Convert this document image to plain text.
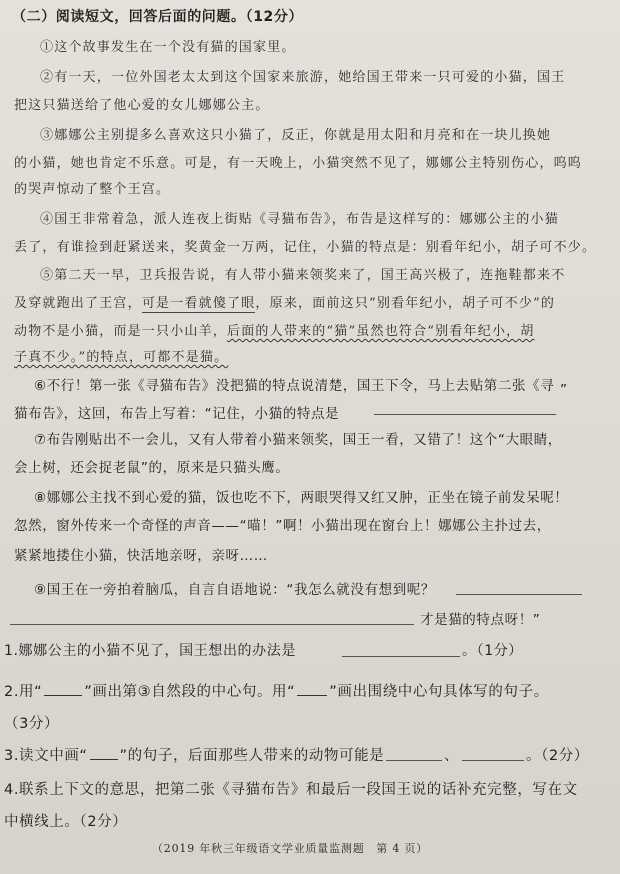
（二）阅读短文，回答后面的问题。（12分）
①这个故事发生在一个没有猫的国家里。
②有一天，一位外国老太太到这个国家来旅游，她给国王带来一只可爱的小猫，国王
把这只猫送给了他心爱的女儿娜娜公主。
③娜娜公主别提多么喜欢这只小猫了，反正，你就是用太阳和月亮和在一块儿换她
的小猫，她也肯定不乐意。可是，有一天晚上，小猫突然不见了，娜娜公主特别伤心，呜呜
的哭声惊动了整个王宫。
④国王非常着急，派人连夜上街贴《寻猫布告》，布告是这样写的：娜娜公主的小猫
丢了，有谁捡到赶紧送来，奖黄金一万两，记住，小猫的特点是：别看年纪小，胡子可不少。
⑤第二天一早，卫兵报告说，有人带小猫来领奖来了，国王高兴极了，连拖鞋都来不
及穿就跑出了王宫，可是一看就傻了眼，原来，面前这只“别看年纪小，胡子可不少”的
动物不是小猫，而是一只小山羊，后面的人带来的“猫”虽然也符合“别看年纪小，胡
子真不少。”的特点，可都不是猫。
⑥不行！第一张《寻猫布告》没把猫的特点说清楚，国王下令，马上去贴第二张《寻
猫布告》，这回，布告上写着：“记住，小猫的特点是
”
⑦布告刚贴出不一会儿，又有人带着小猫来领奖，国王一看，又错了！这个“大眼睛，
会上树，还会捉老鼠”的，原来是只猫头鹰。
⑧娜娜公主找不到心爱的猫，饭也吃不下，两眼哭得又红又肿，正坐在镜子前发呆呢！
忽然，窗外传来一个奇怪的声音——“喵！”啊！小猫出现在窗台上！娜娜公主扑过去，
紧紧地搂住小猫，快活地亲呀，亲呀……
⑨国王在一旁拍着脑瓜，自言自语地说：“我怎么就没有想到呢？
才是猫的特点呀！”
1.娜娜公主的小猫不见了，国王想出的办法是	。（1分）
2.用“	”画出第③自然段的中心句。用“ ”画出围绕中心句具体写的句子。
（3分）
3.读文中画“ ”的句子，后面那些人带来的动物可能是	、	。（2分）
4.联系上下文的意思，把第二张《寻猫布告》和最后一段国王说的话补充完整，写在文
中横线上。（2分）
（2019 年秋三年级语文学业质量监测题　第 4 页）
